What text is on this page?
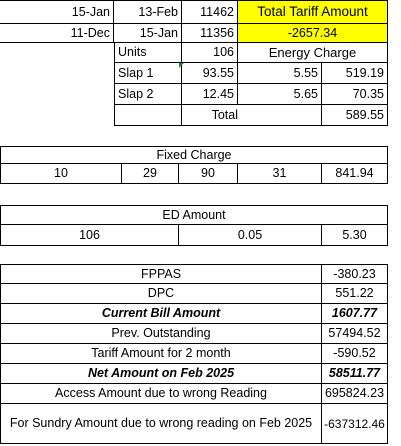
15-Jan	13-Feb	11462	Total Tariff Amount
11-Dec	15-Jan	11356	-2657.34
Units	106	Energy Charge
Slap 1	93.55	5.55	519.19
Slap 2	12.45	5.65	70.35
Total	589.55
Fixed Charge
10	29	90	31	841.94
ED Amount
106	0.05	5.30
FPPAS	-380.23
DPC	551.22
Current Bill Amount	1607.77
Prev. Outstanding	57494.52
Tariff Amount for 2 month	-590.52
Net Amount on Feb 2025	58511.77
Access Amount due to wrong Reading	695824.23
For Sundry Amount due to wrong reading on Feb 2025 -637312.46
